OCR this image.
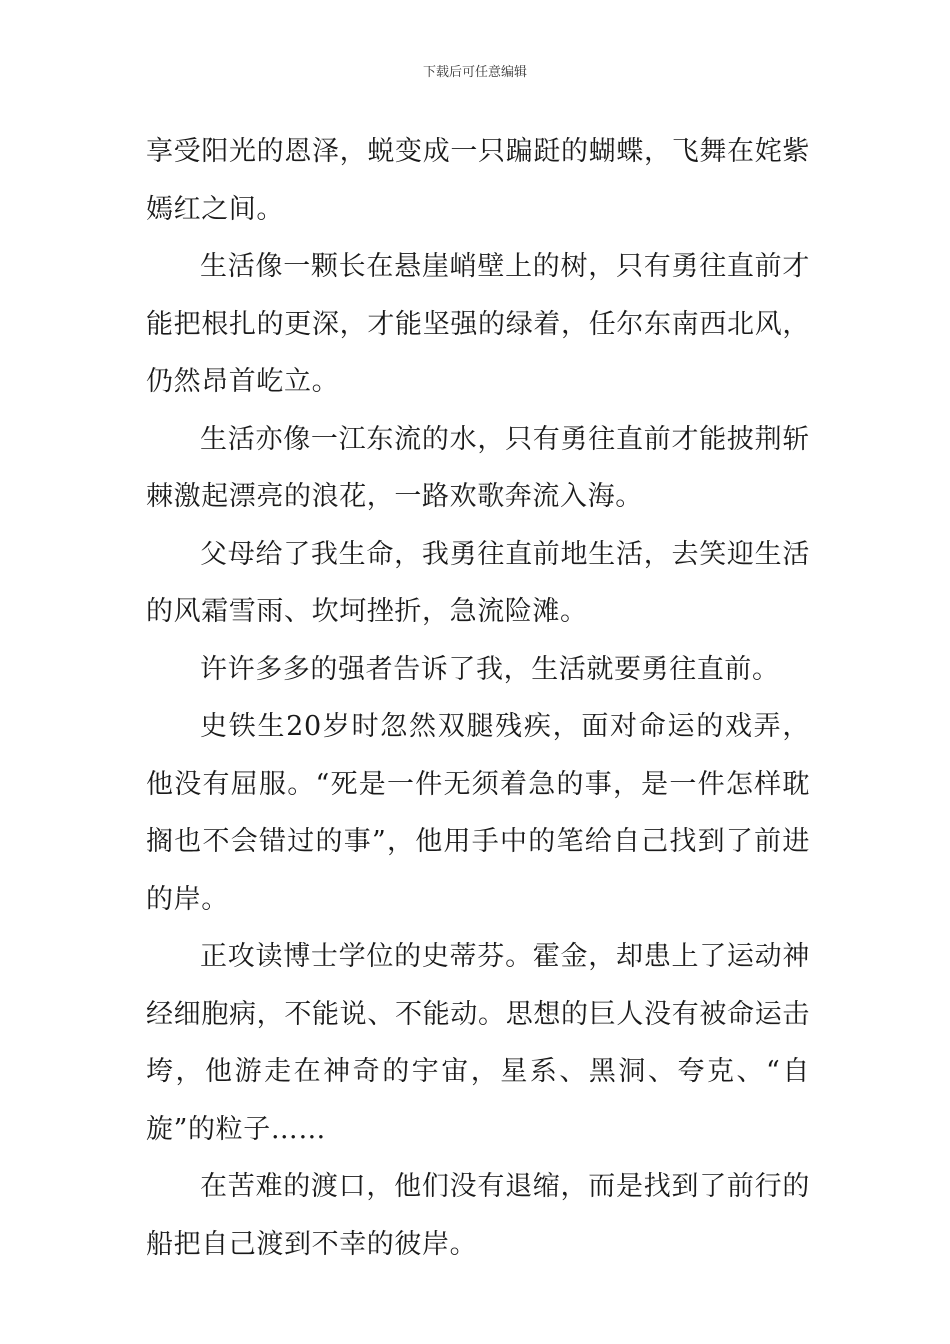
下载后可任意编辑

享受阳光的恩泽，蜕变成一只蹁跹的蝴蝶，飞舞在姹紫嫣红之间。

生活像一颗长在悬崖峭壁上的树，只有勇往直前才能把根扎的更深，才能坚强的绿着，任尔东南西北风，仍然昂首屹立。

生活亦像一江东流的水，只有勇往直前才能披荆斩棘激起漂亮的浪花，一路欢歌奔流入海。

父母给了我生命，我勇往直前地生活，去笑迎生活的风霜雪雨、坎坷挫折，急流险滩。

许许多多的强者告诉了我，生活就要勇往直前。

史铁生20岁时忽然双腿残疾，面对命运的戏弄，他没有屈服。“死是一件无须着急的事，是一件怎样耽搁也不会错过的事”，他用手中的笔给自己找到了前进的岸。

正攻读博士学位的史蒂芬。霍金，却患上了运动神经细胞病，不能说、不能动。思想的巨人没有被命运击垮，他游走在神奇的宇宙，星系、黑洞、夸克、“自旋”的粒子……

在苦难的渡口，他们没有退缩，而是找到了前行的船把自己渡到不幸的彼岸。
